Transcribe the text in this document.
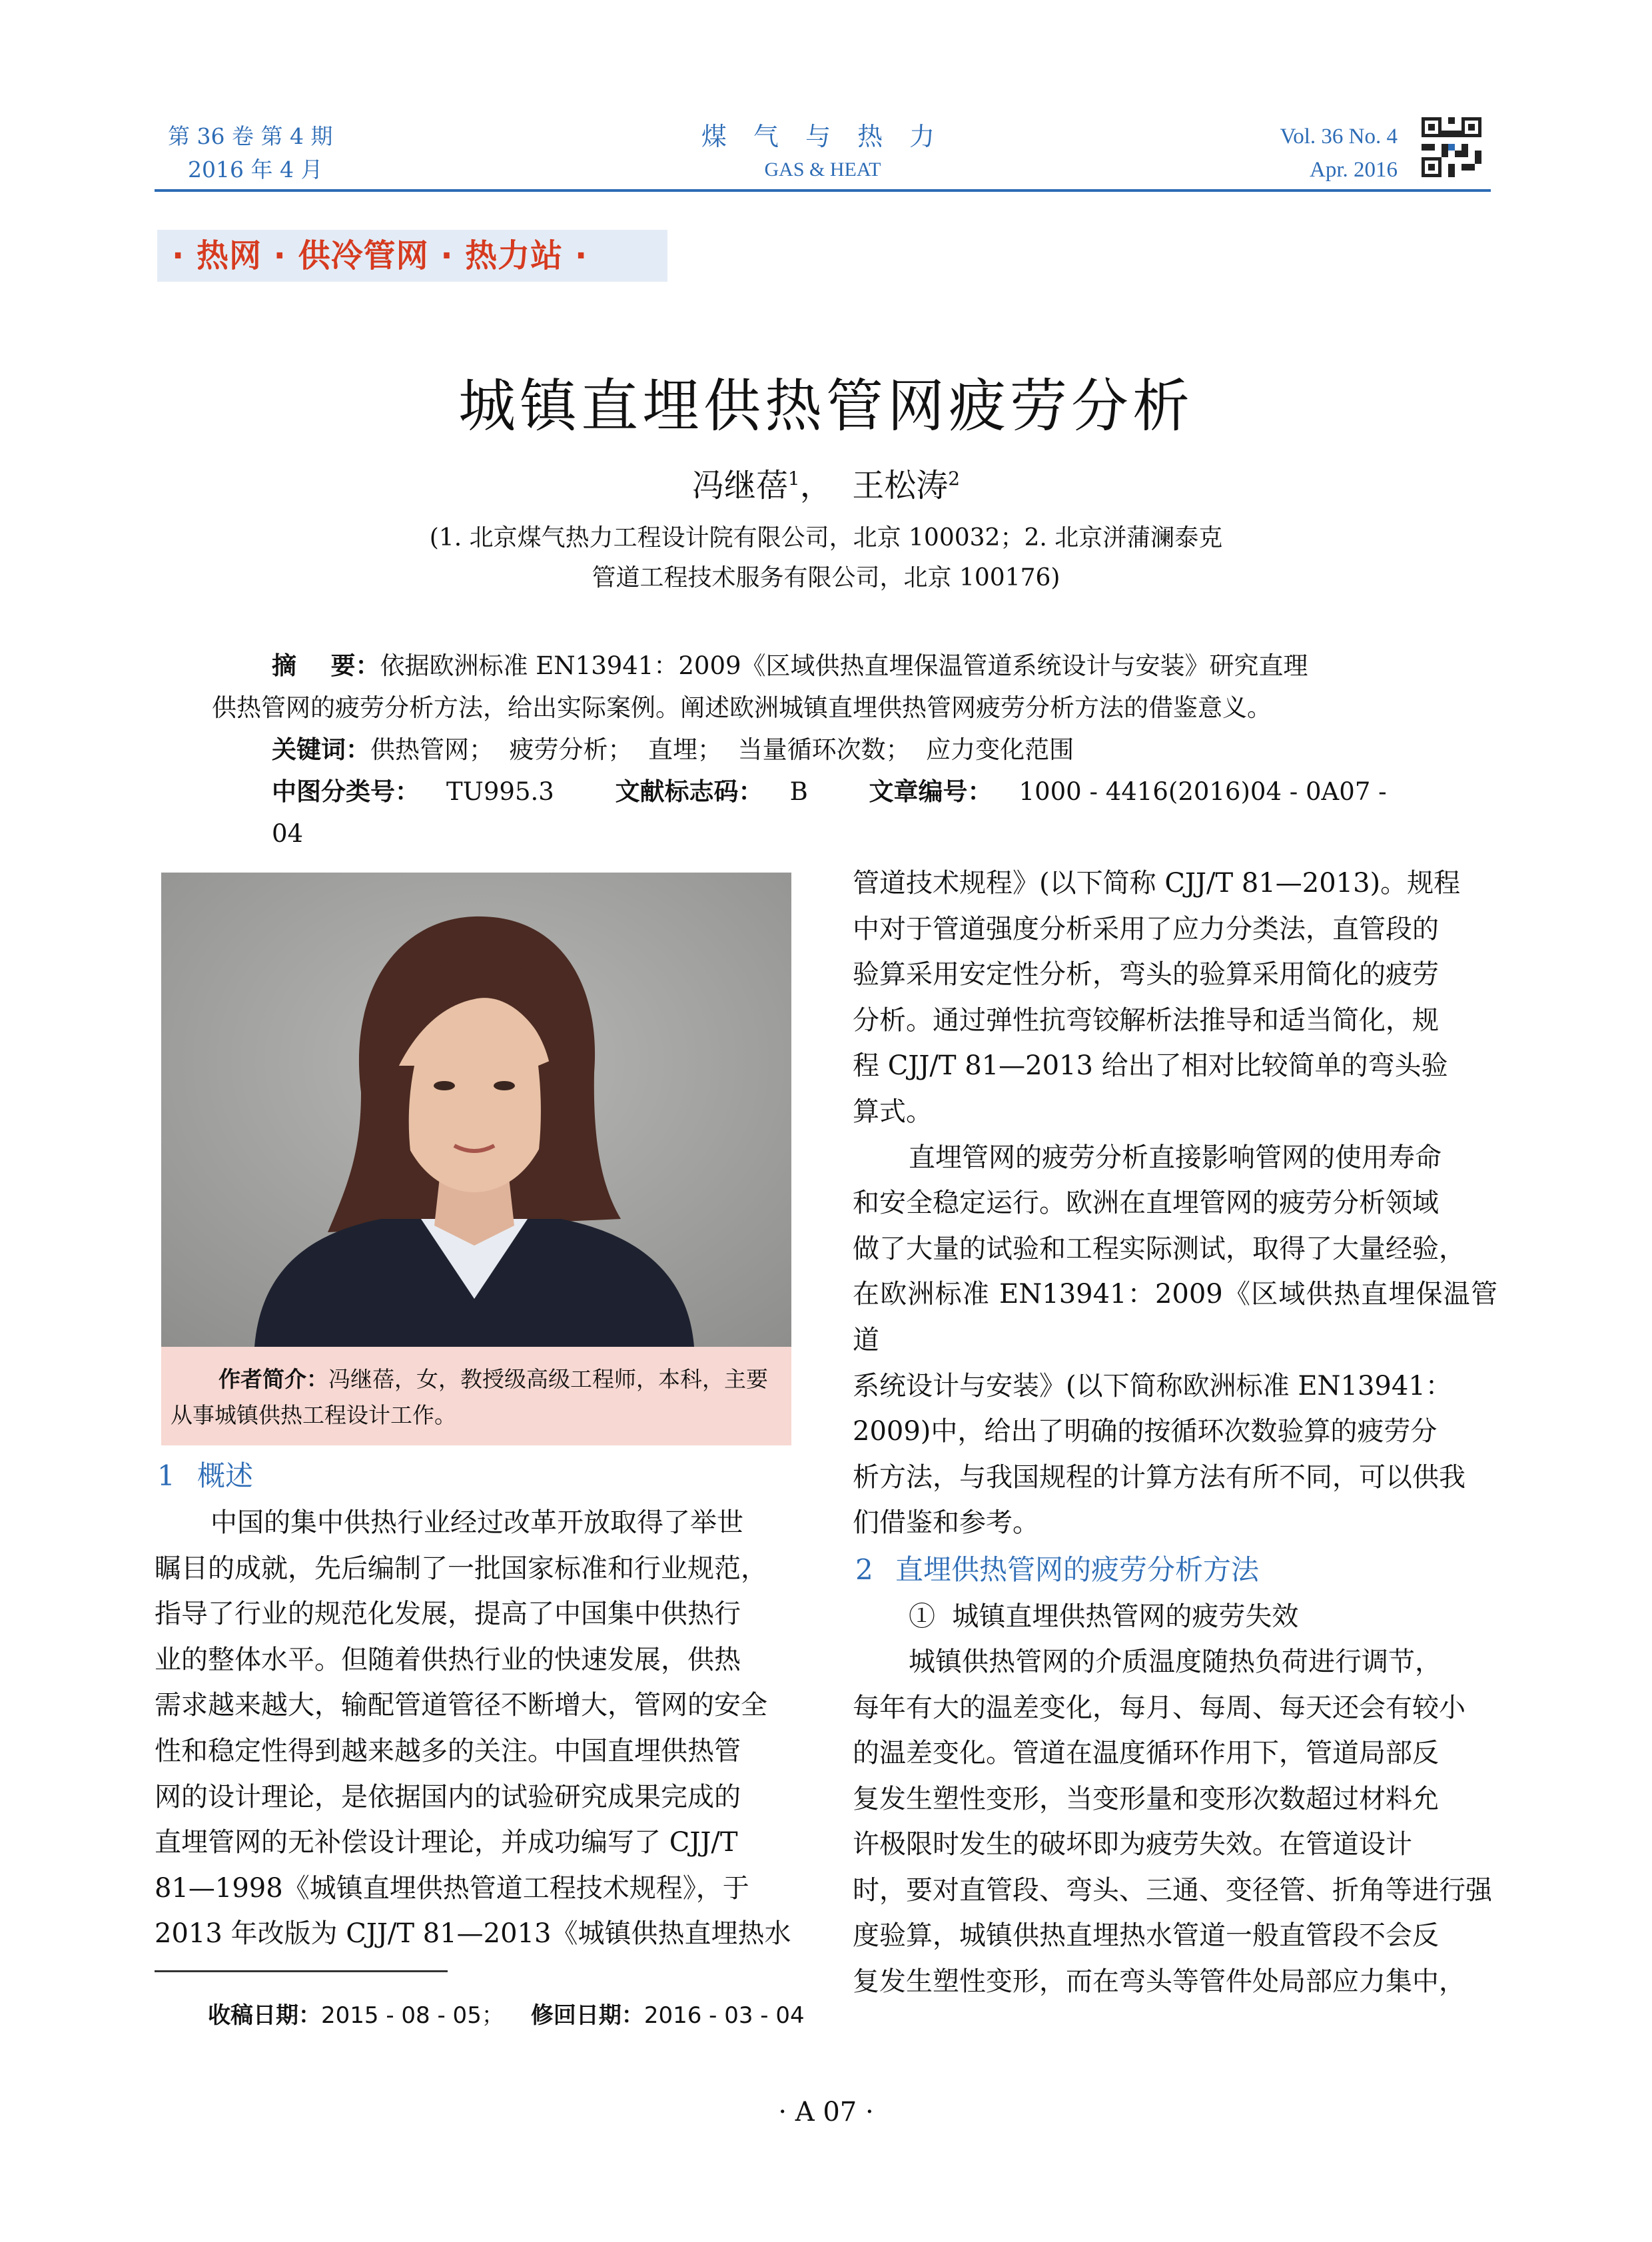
第 36 卷 第 4 期
2016 年 4 月
煤 气 与 热 力
GAS & HEAT
Vol. 36 No. 4
Apr. 2016
· 热网 · 供冷管网 · 热力站 ·
城镇直埋供热管网疲劳分析
冯继蓓$^1$，  王松涛$^2$
(1. 北京煤气热力工程设计院有限公司，北京 100032；2. 北京洴蒲澜泰克
管道工程技术服务有限公司，北京 100176)
摘    要：依据欧洲标准 EN13941：2009《区域供热直埋保温管道系统设计与安装》研究直理
供热管网的疲劳分析方法，给出实际案例。阐述欧洲城镇直埋供热管网疲劳分析方法的借鉴意义。
关键词：供热管网；  疲劳分析；  直埋；  当量循环次数；  应力变化范围
中图分类号： TU995.3 文献标志码： B 文章编号： 1000 - 4416(2016)04 - 0A07 - 04
作者简介：冯继蓓，女，教授级高级工程师，本科，主要
从事城镇供热工程设计工作。
1 概述
中国的集中供热行业经过改革开放取得了举世
瞩目的成就，先后编制了一批国家标准和行业规范，
指导了行业的规范化发展，提高了中国集中供热行
业的整体水平。但随着供热行业的快速发展，供热
需求越来越大，输配管道管径不断增大，管网的安全
性和稳定性得到越来越多的关注。中国直埋供热管
网的设计理论，是依据国内的试验研究成果完成的
直埋管网的无补偿设计理论，并成功编写了 CJJ/T
81—1998《城镇直埋供热管道工程技术规程》，于
2013 年改版为 CJJ/T 81—2013《城镇供热直埋热水
管道技术规程》(以下简称 CJJ/T 81—2013)。规程
中对于管道强度分析采用了应力分类法，直管段的
验算采用安定性分析，弯头的验算采用简化的疲劳
分析。通过弹性抗弯铰解析法推导和适当简化，规
程 CJJ/T 81—2013 给出了相对比较简单的弯头验
算式。
直埋管网的疲劳分析直接影响管网的使用寿命
和安全稳定运行。欧洲在直埋管网的疲劳分析领域
做了大量的试验和工程实际测试，取得了大量经验，
在欧洲标准 EN13941：2009《区域供热直埋保温管道
系统设计与安装》(以下简称欧洲标准 EN13941：
2009)中，给出了明确的按循环次数验算的疲劳分
析方法，与我国规程的计算方法有所不同，可以供我
们借鉴和参考。
2 直埋供热管网的疲劳分析方法
①  城镇直埋供热管网的疲劳失效
城镇供热管网的介质温度随热负荷进行调节，
每年有大的温差变化，每月、每周、每天还会有较小
的温差变化。管道在温度循环作用下，管道局部反
复发生塑性变形，当变形量和变形次数超过材料允
许极限时发生的破坏即为疲劳失效。在管道设计
时，要对直管段、弯头、三通、变径管、折角等进行强
度验算，城镇供热直埋热水管道一般直管段不会反
复发生塑性变形，而在弯头等管件处局部应力集中，
收稿日期：2015 - 08 - 05； 修回日期：2016 - 03 - 04
· A 07 ·
